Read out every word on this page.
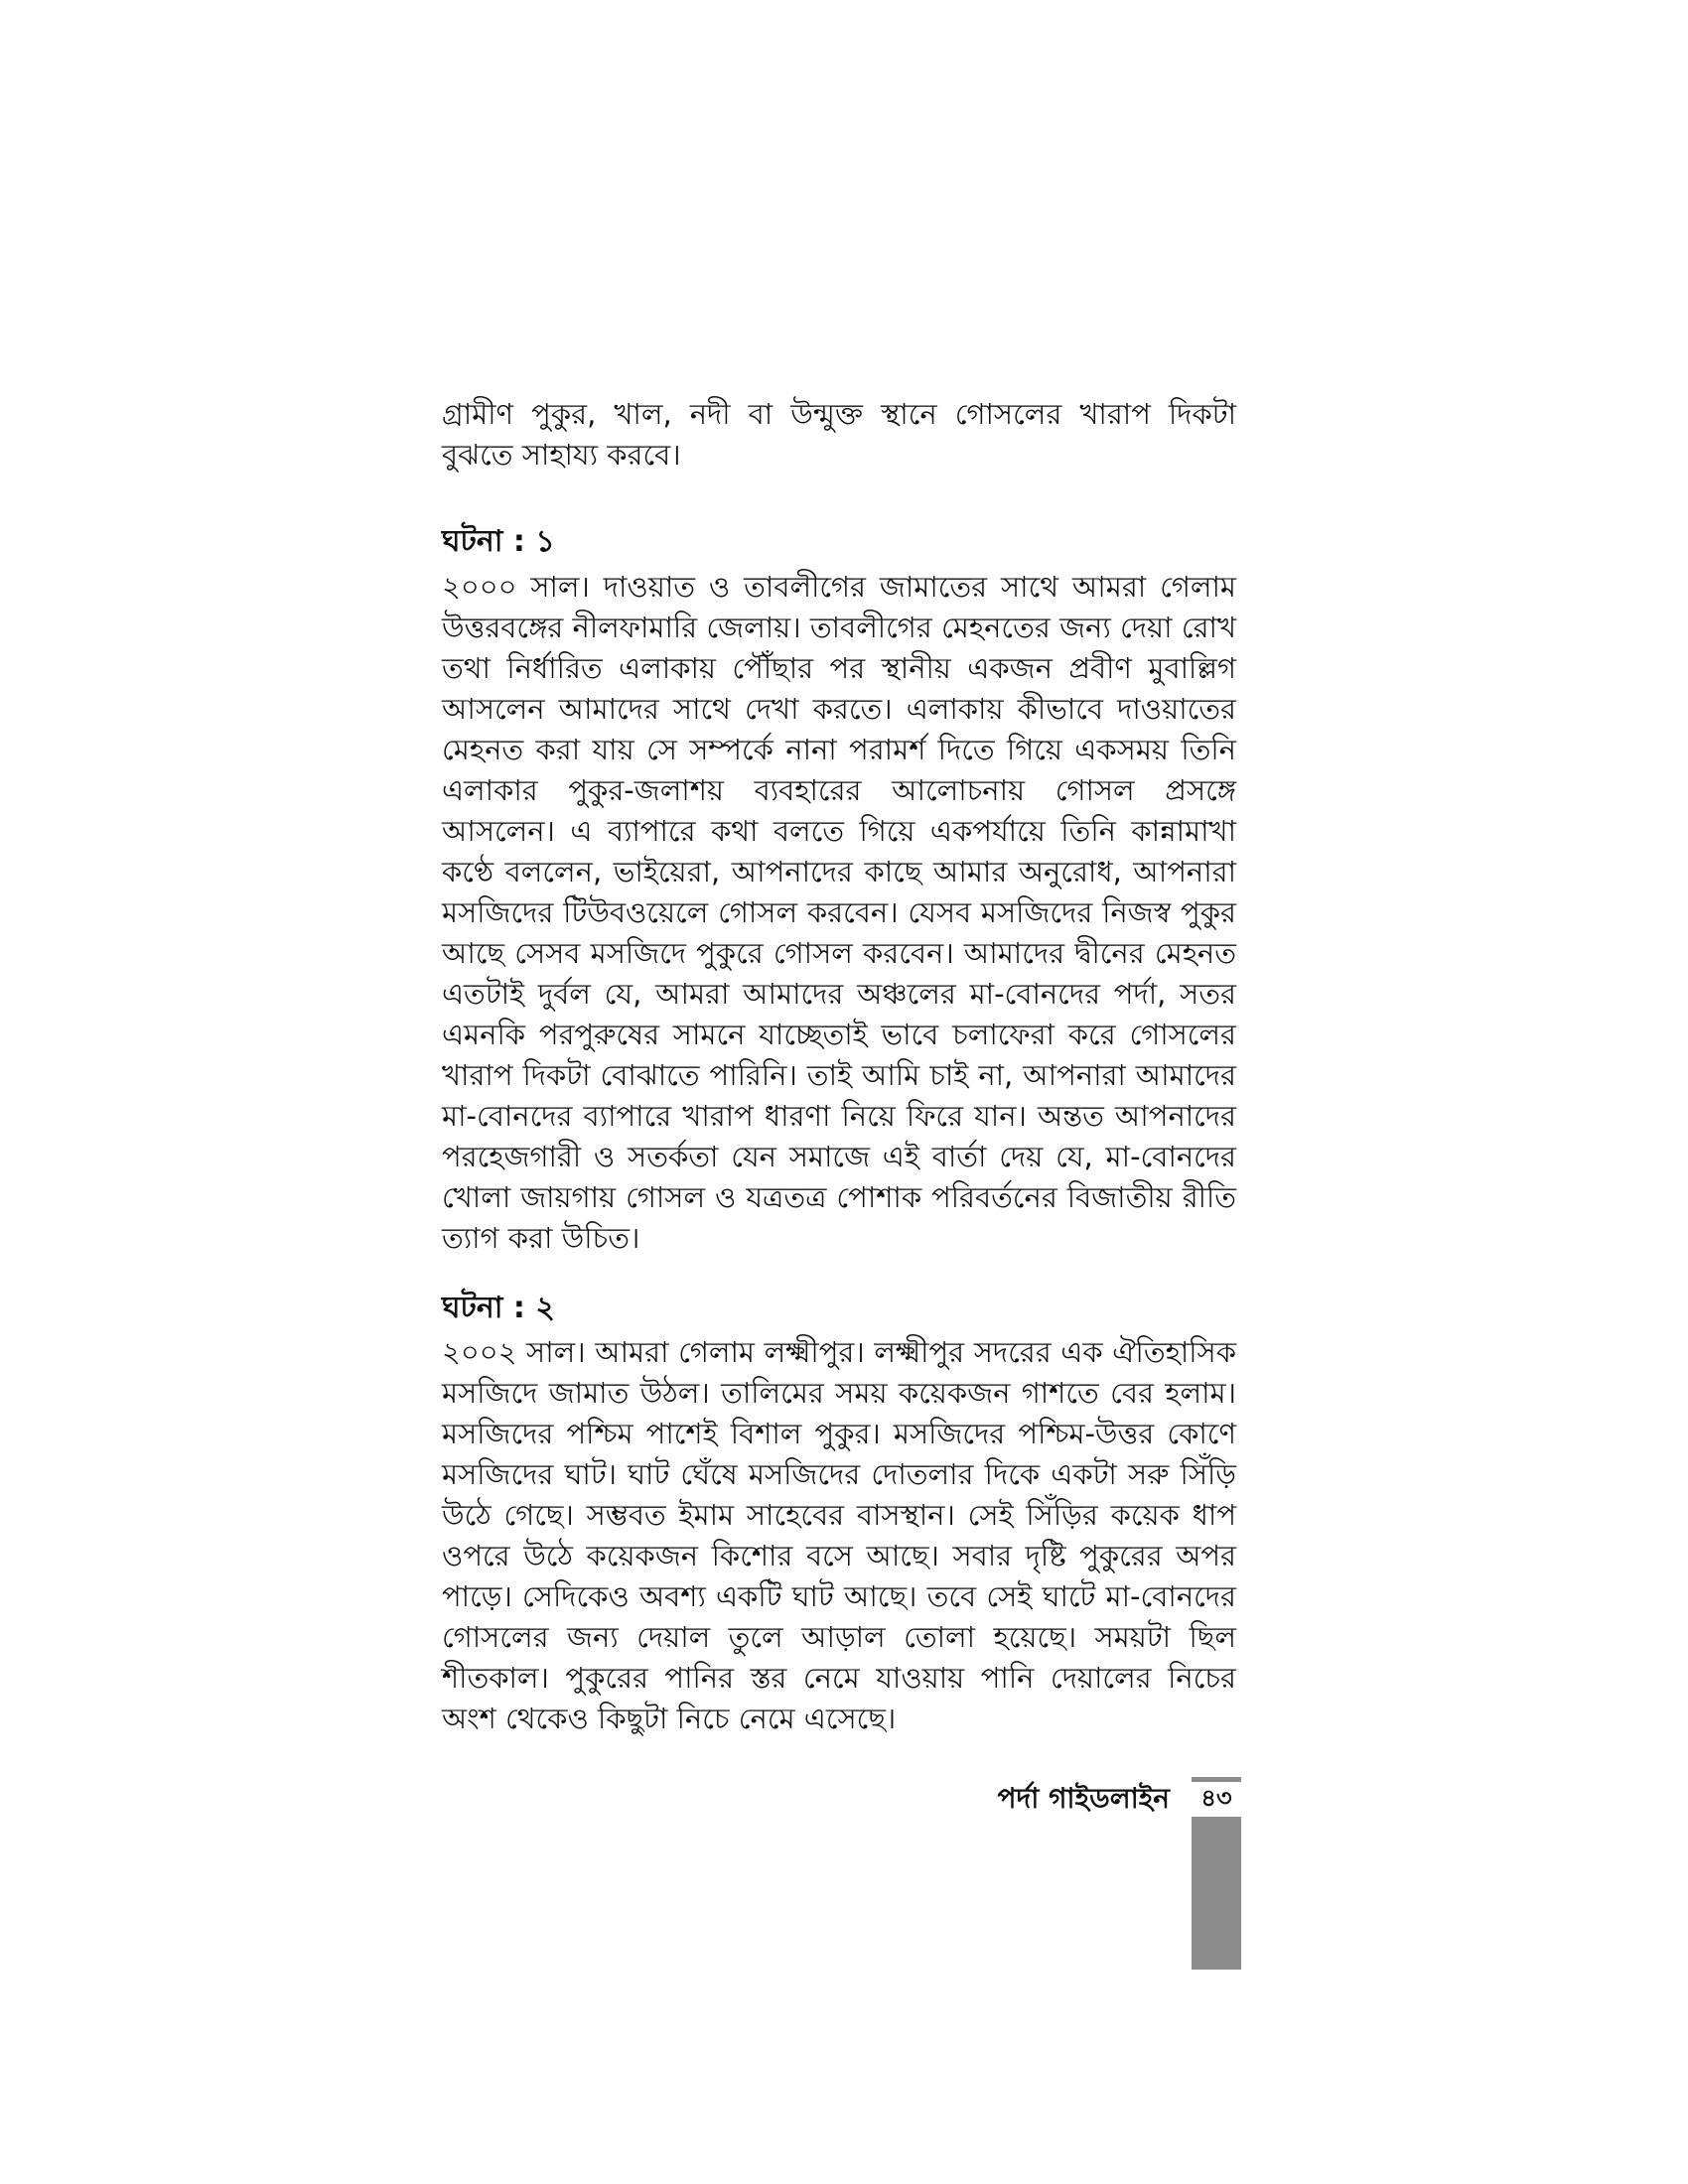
গ্রামীণ পুকুর, খাল, নদী বা উন্মুক্ত স্থানে গোসলের খারাপ দিকটা বুঝতে সাহায্য করবে।

ঘটনা : ১

২০০০ সাল। দাওয়াত ও তাবলীগের জামাতের সাথে আমরা গেলাম উত্তরবঙ্গের নীলফামারি জেলায়। তাবলীগের মেহনতের জন্য দেয়া রোখ তথা নির্ধারিত এলাকায় পৌঁছার পর স্থানীয় একজন প্রবীণ মুবাল্লিগ আসলেন আমাদের সাথে দেখা করতে। এলাকায় কীভাবে দাওয়াতের মেহনত করা যায় সে সম্পর্কে নানা পরামর্শ দিতে গিয়ে একসময় তিনি এলাকার পুকুর-জলাশয় ব্যবহারের আলোচনায় গোসল প্রসঙ্গে আসলেন। এ ব্যাপারে কথা বলতে গিয়ে একপর্যায়ে তিনি কান্নামাখা কণ্ঠে বললেন, ভাইয়েরা, আপনাদের কাছে আমার অনুরোধ, আপনারা মসজিদের টিউবওয়েলে গোসল করবেন। যেসব মসজিদের নিজস্ব পুকুর আছে সেসব মসজিদে পুকুরে গোসল করবেন। আমাদের দ্বীনের মেহনত এতটাই দুর্বল যে, আমরা আমাদের অঞ্চলের মা-বোনদের পর্দা, সতর এমনকি পরপুরুষের সামনে যাচ্ছেতাই ভাবে চলাফেরা করে গোসলের খারাপ দিকটা বোঝাতে পারিনি। তাই আমি চাই না, আপনারা আমাদের মা-বোনদের ব্যাপারে খারাপ ধারণা নিয়ে ফিরে যান। অন্তত আপনাদের পরহেজগারী ও সতর্কতা যেন সমাজে এই বার্তা দেয় যে, মা-বোনদের খোলা জায়গায় গোসল ও যত্রতত্র পোশাক পরিবর্তনের বিজাতীয় রীতি ত্যাগ করা উচিত।

ঘটনা : ২

২০০২ সাল। আমরা গেলাম লক্ষ্মীপুর। লক্ষ্মীপুর সদরের এক ঐতিহাসিক মসজিদে জামাত উঠল। তালিমের সময় কয়েকজন গাশতে বের হলাম। মসজিদের পশ্চিম পাশেই বিশাল পুকুর। মসজিদের পশ্চিম-উত্তর কোণে মসজিদের ঘাট। ঘাট ঘেঁষে মসজিদের দোতলার দিকে একটা সরু সিঁড়ি উঠে গেছে। সম্ভবত ইমাম সাহেবের বাসস্থান। সেই সিঁড়ির কয়েক ধাপ ওপরে উঠে কয়েকজন কিশোর বসে আছে। সবার দৃষ্টি পুকুরের অপর পাড়ে। সেদিকেও অবশ্য একটি ঘাট আছে। তবে সেই ঘাটে মা-বোনদের গোসলের জন্য দেয়াল তুলে আড়াল তোলা হয়েছে। সময়টা ছিল শীতকাল। পুকুরের পানির স্তর নেমে যাওয়ায় পানি দেয়ালের নিচের অংশ থেকেও কিছুটা নিচে নেমে এসেছে।

পর্দা গাইডলাইন	৪৩
